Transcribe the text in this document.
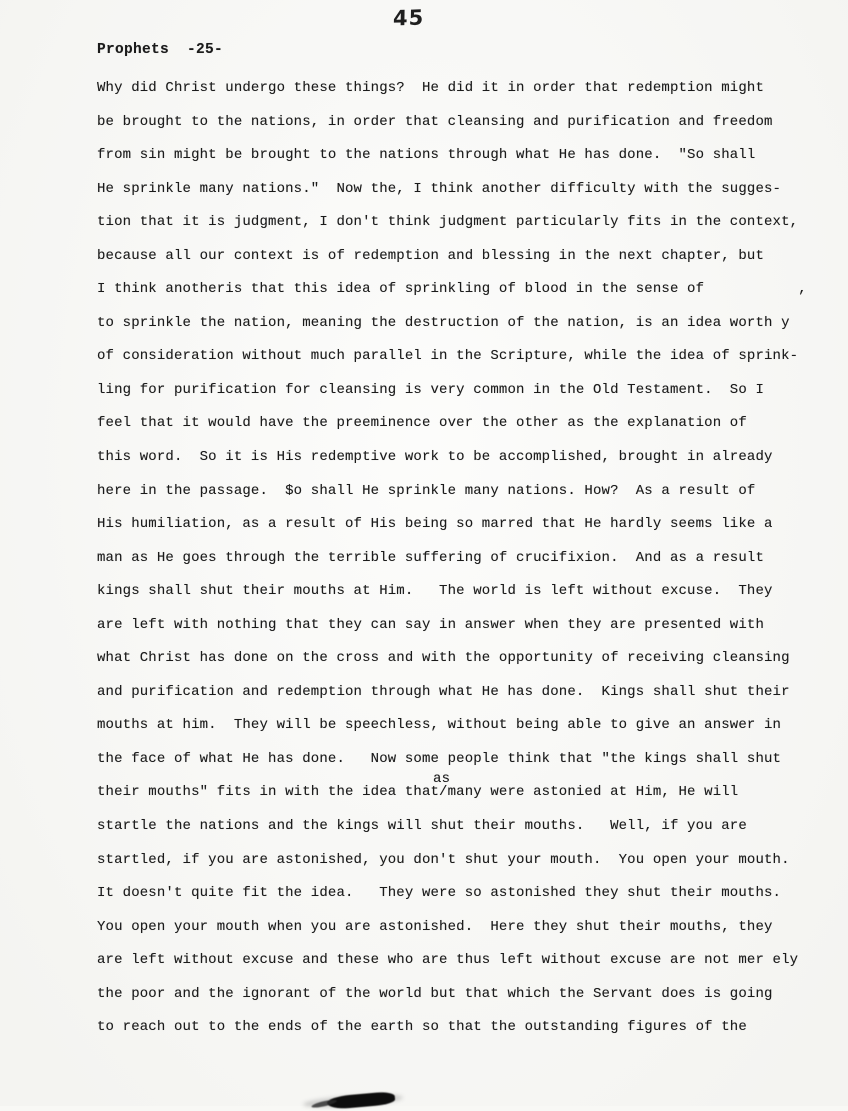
45
Prophets  -25-
Why did Christ undergo these things?  He did it in order that redemption might
be brought to the nations, in order that cleansing and purification and freedom
from sin might be brought to the nations through what He has done.  "So shall
He sprinkle many nations."  Now the, I think another difficulty with the sugges-
tion that it is judgment, I don't think judgment particularly fits in the context,
because all our context is of redemption and blessing in the next chapter, but
I think anotheris that this idea of sprinkling of blood in the sense of           ,
to sprinkle the nation, meaning the destruction of the nation, is an idea worth y
of consideration without much parallel in the Scripture, while the idea of sprink-
ling for purification for cleansing is very common in the Old Testament.  So I
feel that it would have the preeminence over the other as the explanation of
this word.  So it is His redemptive work to be accomplished, brought in already
here in the passage.  $o shall He sprinkle many nations. How?  As a result of
His humiliation, as a result of His being so marred that He hardly seems like a
man as He goes through the terrible suffering of crucifixion.  And as a result
kings shall shut their mouths at Him.   The world is left without excuse.  They
are left with nothing that they can say in answer when they are presented with
what Christ has done on the cross and with the opportunity of receiving cleansing
and purification and redemption through what He has done.  Kings shall shut their
mouths at him.  They will be speechless, without being able to give an answer in
the face of what He has done.   Now some people think that "the kings shall shut
as
their mouths" fits in with the idea that/many were astonied at Him, He will
startle the nations and the kings will shut their mouths.   Well, if you are
startled, if you are astonished, you don't shut your mouth.  You open your mouth.
It doesn't quite fit the idea.   They were so astonished they shut their mouths.
You open your mouth when you are astonished.  Here they shut their mouths, they
are left without excuse and these who are thus left without excuse are not mer ely
the poor and the ignorant of the world but that which the Servant does is going
to reach out to the ends of the earth so that the outstanding figures of the
